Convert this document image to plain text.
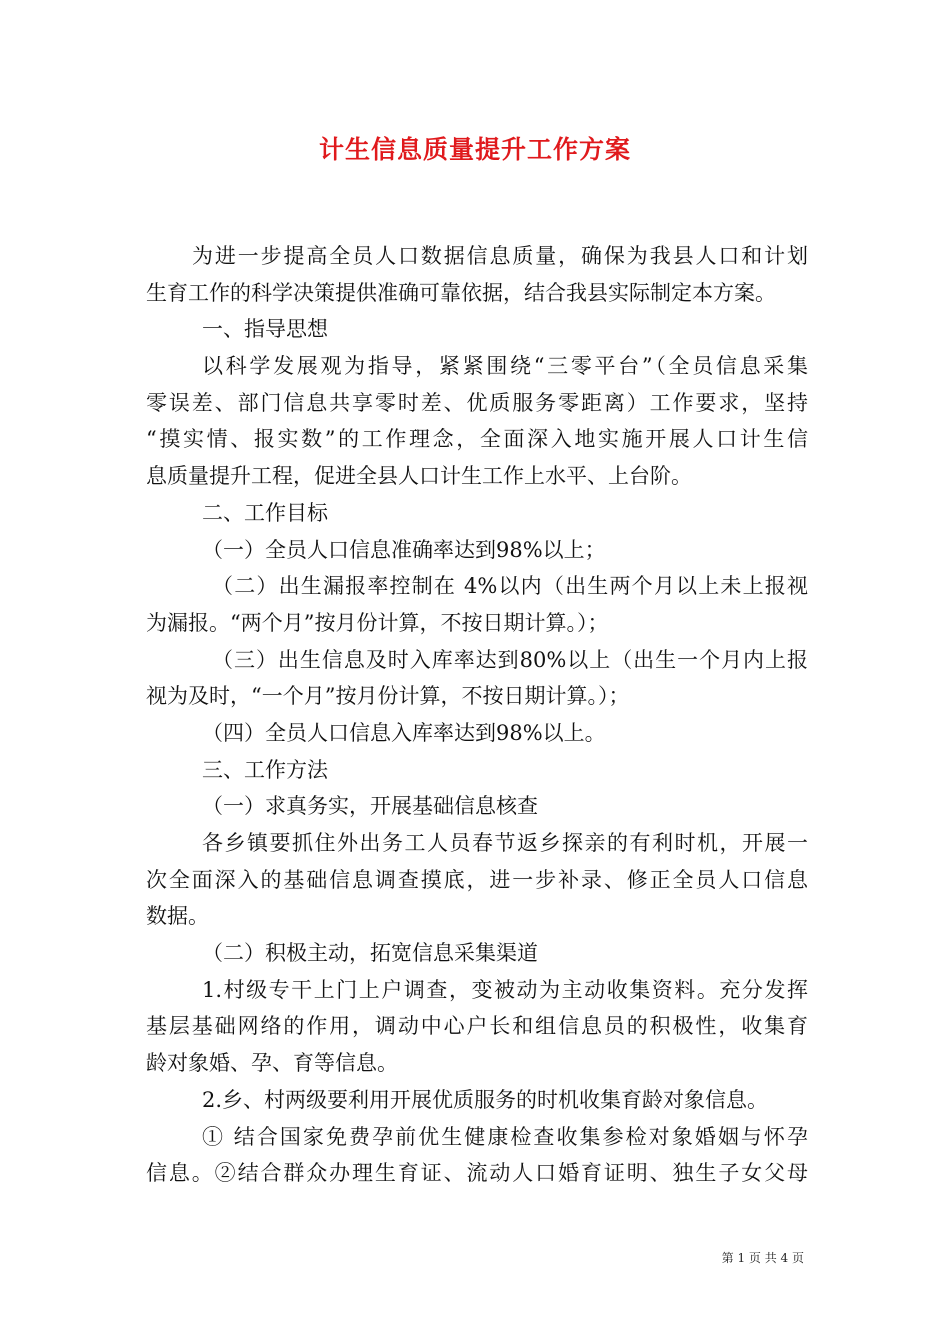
计生信息质量提升工作方案
为进一步提高全员人口数据信息质量，确保为我县人口和计划
生育工作的科学决策提供准确可靠依据，结合我县实际制定本方案。
一、指导思想
以科学发展观为指导，紧紧围绕“三零平台”（全员信息采集
零误差、部门信息共享零时差、优质服务零距离）工作要求，坚持
“摸实情、报实数”的工作理念，全面深入地实施开展人口计生信
息质量提升工程，促进全县人口计生工作上水平、上台阶。
二、工作目标
（一）全员人口信息准确率达到98%以上；
（二）出生漏报率控制在 4%以内（出生两个月以上未上报视
为漏报。“两个月”按月份计算，不按日期计算。）；
（三）出生信息及时入库率达到80%以上（出生一个月内上报
视为及时，“一个月”按月份计算，不按日期计算。）；
（四）全员人口信息入库率达到98%以上。
三、工作方法
（一）求真务实，开展基础信息核查
各乡镇要抓住外出务工人员春节返乡探亲的有利时机，开展一
次全面深入的基础信息调查摸底，进一步补录、修正全员人口信息
数据。
（二）积极主动，拓宽信息采集渠道
1.村级专干上门上户调查，变被动为主动收集资料。充分发挥
基层基础网络的作用，调动中心户长和组信息员的积极性，收集育
龄对象婚、孕、育等信息。
2.乡、村两级要利用开展优质服务的时机收集育龄对象信息。
① 结合国家免费孕前优生健康检查收集参检对象婚姻与怀孕
信息。②结合群众办理生育证、流动人口婚育证明、独生子女父母
第 1 页 共 4 页
